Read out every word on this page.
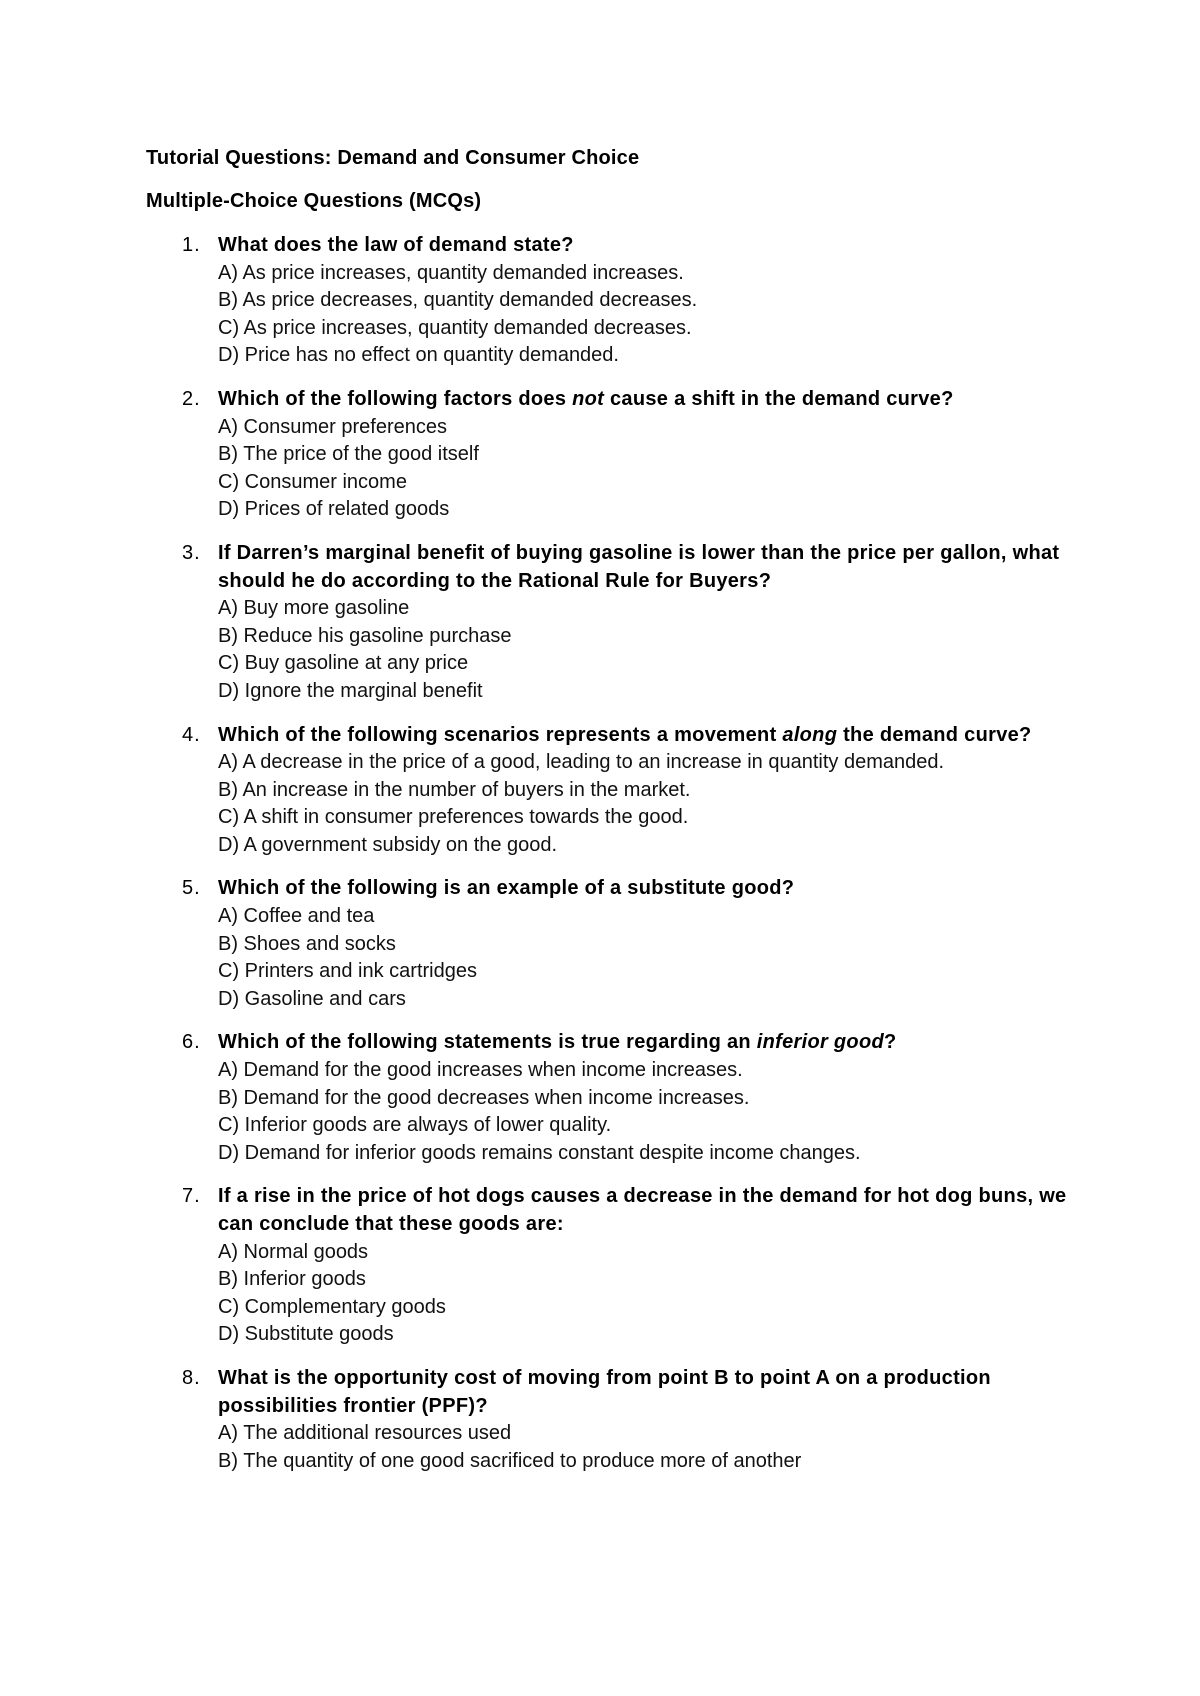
Tutorial Questions: Demand and Consumer Choice

Multiple-Choice Questions (MCQs)

1. What does the law of demand state?
A) As price increases, quantity demanded increases.
B) As price decreases, quantity demanded decreases.
C) As price increases, quantity demanded decreases.
D) Price has no effect on quantity demanded.
2. Which of the following factors does not cause a shift in the demand curve?
A) Consumer preferences
B) The price of the good itself
C) Consumer income
D) Prices of related goods
3. If Darren’s marginal benefit of buying gasoline is lower than the price per gallon, what should he do according to the Rational Rule for Buyers?
A) Buy more gasoline
B) Reduce his gasoline purchase
C) Buy gasoline at any price
D) Ignore the marginal benefit
4. Which of the following scenarios represents a movement along the demand curve?
A) A decrease in the price of a good, leading to an increase in quantity demanded.
B) An increase in the number of buyers in the market.
C) A shift in consumer preferences towards the good.
D) A government subsidy on the good.
5. Which of the following is an example of a substitute good?
A) Coffee and tea
B) Shoes and socks
C) Printers and ink cartridges
D) Gasoline and cars
6. Which of the following statements is true regarding an inferior good?
A) Demand for the good increases when income increases.
B) Demand for the good decreases when income increases.
C) Inferior goods are always of lower quality.
D) Demand for inferior goods remains constant despite income changes.
7. If a rise in the price of hot dogs causes a decrease in the demand for hot dog buns, we can conclude that these goods are:
A) Normal goods
B) Inferior goods
C) Complementary goods
D) Substitute goods
8. What is the opportunity cost of moving from point B to point A on a production possibilities frontier (PPF)?
A) The additional resources used
B) The quantity of one good sacrificed to produce more of another
